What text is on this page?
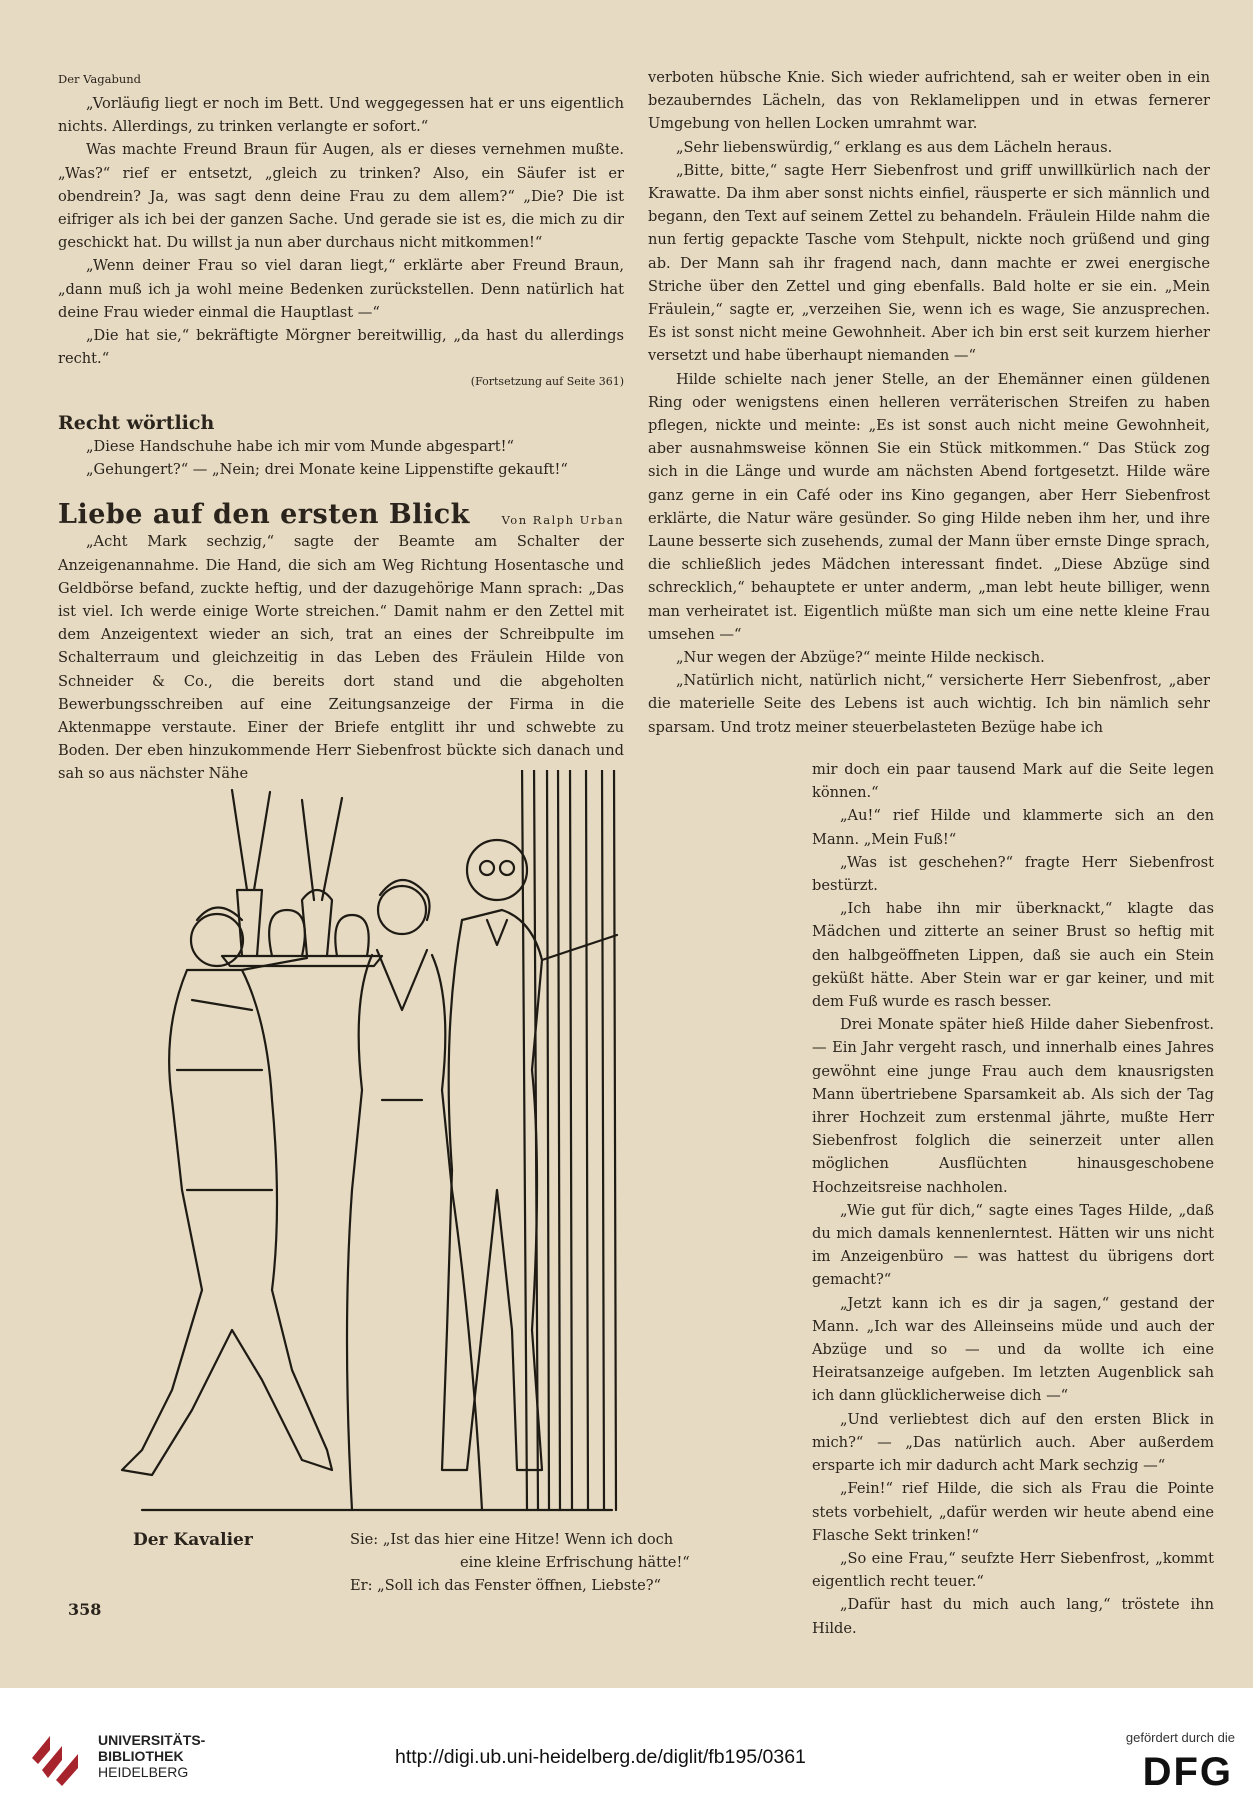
Der Vagabund

„Vorläufig liegt er noch im Bett. Und weggegessen hat er uns eigentlich nichts. Allerdings, zu trinken verlangte er sofort.“

Was machte Freund Braun für Augen, als er dieses vernehmen mußte. „Was?“ rief er entsetzt, „gleich zu trinken? Also, ein Säufer ist er obendrein? Ja, was sagt denn deine Frau zu dem allem?“ „Die? Die ist eifriger als ich bei der ganzen Sache. Und gerade sie ist es, die mich zu dir geschickt hat. Du willst ja nun aber durchaus nicht mitkommen!“

„Wenn deiner Frau so viel daran liegt,“ erklärte aber Freund Braun, „dann muß ich ja wohl meine Bedenken zurückstellen. Denn natürlich hat deine Frau wieder einmal die Hauptlast —“

„Die hat sie,“ bekräftigte Mörgner bereitwillig, „da hast du allerdings recht.“

(Fortsetzung auf Seite 361)

Recht wörtlich

„Diese Handschuhe habe ich mir vom Munde abgespart!“

„Gehungert?“ — „Nein; drei Monate keine Lippenstifte gekauft!“

Liebe auf den ersten Blick	Von Ralph Urban

„Acht Mark sechzig,“ sagte der Beamte am Schalter der Anzeigenannahme. Die Hand, die sich am Weg Richtung Hosentasche und Geldbörse befand, zuckte heftig, und der dazugehörige Mann sprach: „Das ist viel. Ich werde einige Worte streichen.“ Damit nahm er den Zettel mit dem Anzeigentext wieder an sich, trat an eines der Schreibpulte im Schalterraum und gleichzeitig in das Leben des Fräulein Hilde von Schneider & Co., die bereits dort stand und die abgeholten Bewerbungsschreiben auf eine Zeitungsanzeige der Firma in die Aktenmappe verstaute. Einer der Briefe entglitt ihr und schwebte zu Boden. Der eben hinzukommende Herr Siebenfrost bückte sich danach und sah so aus nächster Nähe

verboten hübsche Knie. Sich wieder aufrichtend, sah er weiter oben in ein bezauberndes Lächeln, das von Reklamelippen und in etwas fernerer Umgebung von hellen Locken umrahmt war.

„Sehr liebenswürdig,“ erklang es aus dem Lächeln heraus.

„Bitte, bitte,“ sagte Herr Siebenfrost und griff unwillkürlich nach der Krawatte. Da ihm aber sonst nichts einfiel, räusperte er sich männlich und begann, den Text auf seinem Zettel zu behandeln. Fräulein Hilde nahm die nun fertig gepackte Tasche vom Stehpult, nickte noch grüßend und ging ab. Der Mann sah ihr fragend nach, dann machte er zwei energische Striche über den Zettel und ging ebenfalls. Bald holte er sie ein. „Mein Fräulein,“ sagte er, „verzeihen Sie, wenn ich es wage, Sie anzusprechen. Es ist sonst nicht meine Gewohnheit. Aber ich bin erst seit kurzem hierher versetzt und habe überhaupt niemanden —“

Hilde schielte nach jener Stelle, an der Ehemänner einen güldenen Ring oder wenigstens einen helleren verräterischen Streifen zu haben pflegen, nickte und meinte: „Es ist sonst auch nicht meine Gewohnheit, aber ausnahmsweise können Sie ein Stück mitkommen.“ Das Stück zog sich in die Länge und wurde am nächsten Abend fortgesetzt. Hilde wäre ganz gerne in ein Café oder ins Kino gegangen, aber Herr Siebenfrost erklärte, die Natur wäre gesünder. So ging Hilde neben ihm her, und ihre Laune besserte sich zusehends, zumal der Mann über ernste Dinge sprach, die schließlich jedes Mädchen interessant findet. „Diese Abzüge sind schrecklich,“ behauptete er unter anderm, „man lebt heute billiger, wenn man verheiratet ist. Eigentlich müßte man sich um eine nette kleine Frau umsehen —“

„Nur wegen der Abzüge?“ meinte Hilde neckisch.

„Natürlich nicht, natürlich nicht,“ versicherte Herr Siebenfrost, „aber die materielle Seite des Lebens ist auch wichtig. Ich bin nämlich sehr sparsam. Und trotz meiner steuerbelasteten Bezüge habe ich

mir doch ein paar tausend Mark auf die Seite legen können.“

„Au!“ rief Hilde und klammerte sich an den Mann. „Mein Fuß!“

„Was ist geschehen?“ fragte Herr Siebenfrost bestürzt.

„Ich habe ihn mir überknackt,“ klagte das Mädchen und zitterte an seiner Brust so heftig mit den halbgeöffneten Lippen, daß sie auch ein Stein geküßt hätte. Aber Stein war er gar keiner, und mit dem Fuß wurde es rasch besser.

Drei Monate später hieß Hilde daher Siebenfrost. — Ein Jahr vergeht rasch, und innerhalb eines Jahres gewöhnt eine junge Frau auch dem knausrigsten Mann übertriebene Sparsamkeit ab. Als sich der Tag ihrer Hochzeit zum erstenmal jährte, mußte Herr Siebenfrost folglich die seinerzeit unter allen möglichen Ausflüchten hinausgeschobene Hochzeitsreise nachholen.

„Wie gut für dich,“ sagte eines Tages Hilde, „daß du mich damals kennenlerntest. Hätten wir uns nicht im Anzeigenbüro — was hattest du übrigens dort gemacht?“

„Jetzt kann ich es dir ja sagen,“ gestand der Mann. „Ich war des Alleinseins müde und auch der Abzüge und so — und da wollte ich eine Heiratsanzeige aufgeben. Im letzten Augenblick sah ich dann glücklicherweise dich —“

„Und verliebtest dich auf den ersten Blick in mich?“ — „Das natürlich auch. Aber außerdem ersparte ich mir dadurch acht Mark sechzig —“

„Fein!“ rief Hilde, die sich als Frau die Pointe stets vorbehielt, „dafür werden wir heute abend eine Flasche Sekt trinken!“

„So eine Frau,“ seufzte Herr Siebenfrost, „kommt eigentlich recht teuer.“

„Dafür hast du mich auch lang,“ tröstete ihn Hilde.

Der Kavalier	Sie: „Ist das hier eine Hitze! Wenn ich doch
eine kleine Erfrischung hätte!“
Er: „Soll ich das Fenster öffnen, Liebste?“
358
UNIVERSITÄTS-
BIBLIOTHEK
HEIDELBERG
http://digi.ub.uni-heidelberg.de/diglit/fb195/0361
gefördert durch die
DFG
